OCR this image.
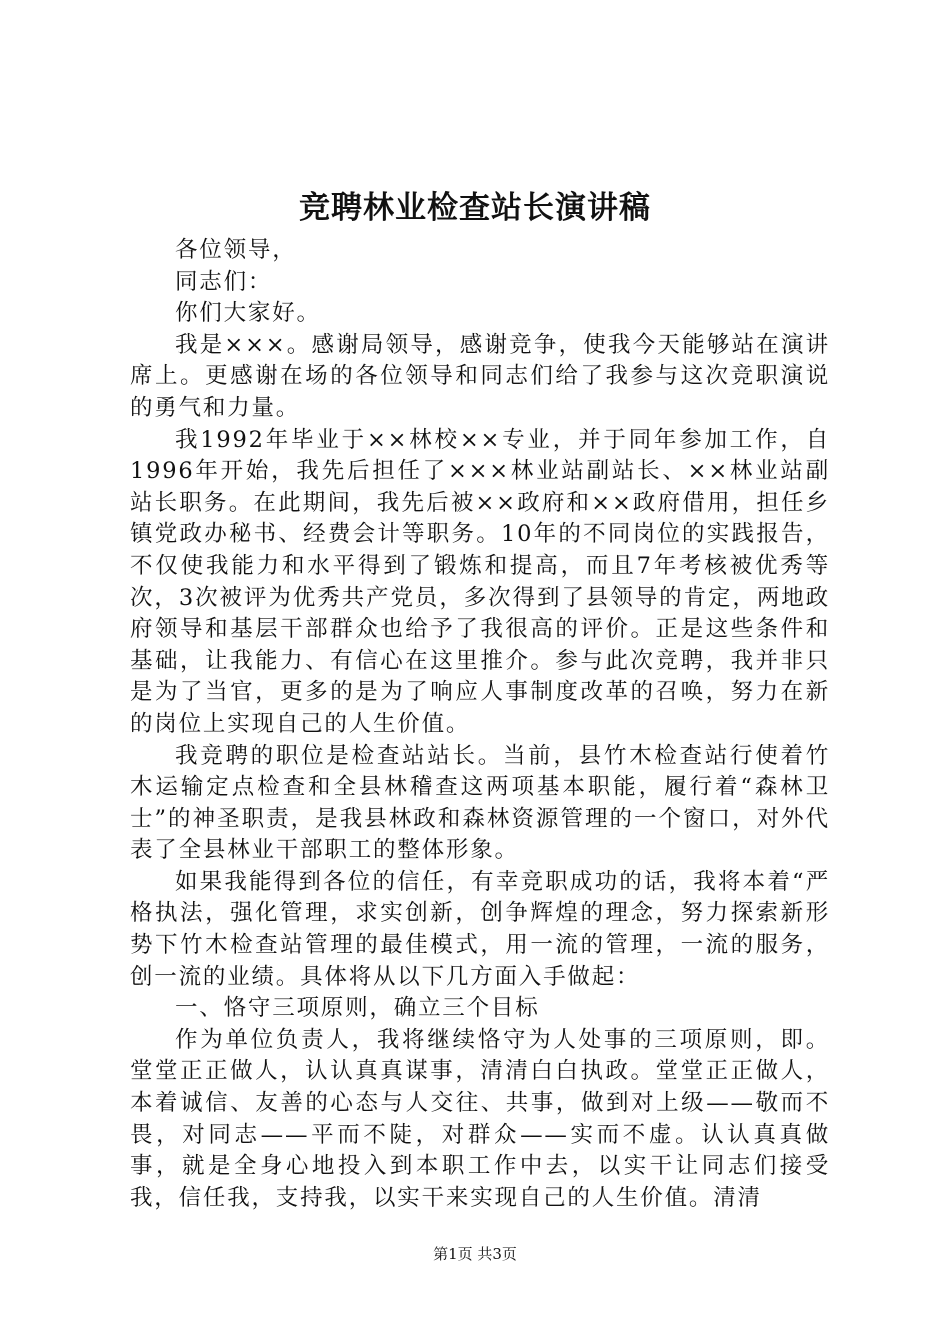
竞聘林业检查站长演讲稿

各位领导，

同志们：

你们大家好。

我是×××。感谢局领导，感谢竞争，使我今天能够站在演讲席上。更感谢在场的各位领导和同志们给了我参与这次竞职演说的勇气和力量。

我1992年毕业于××林校××专业，并于同年参加工作，自1996年开始，我先后担任了×××林业站副站长、××林业站副站长职务。在此期间，我先后被××政府和××政府借用，担任乡镇党政办秘书、经费会计等职务。10年的不同岗位的实践报告，不仅使我能力和水平得到了锻炼和提高，而且7年考核被优秀等次，3次被评为优秀共产党员，多次得到了县领导的肯定，两地政府领导和基层干部群众也给予了我很高的评价。正是这些条件和基础，让我能力、有信心在这里推介。参与此次竞聘，我并非只是为了当官，更多的是为了响应人事制度改革的召唤，努力在新的岗位上实现自己的人生价值。

我竞聘的职位是检查站站长。当前，县竹木检查站行使着竹木运输定点检查和全县林稽查这两项基本职能，履行着“森林卫士”的神圣职责，是我县林政和森林资源管理的一个窗口，对外代表了全县林业干部职工的整体形象。

如果我能得到各位的信任，有幸竞职成功的话，我将本着“严格执法，强化管理，求实创新，创争辉煌的理念，努力探索新形势下竹木检查站管理的最佳模式，用一流的管理，一流的服务，创一流的业绩。具体将从以下几方面入手做起：

一、恪守三项原则，确立三个目标

作为单位负责人，我将继续恪守为人处事的三项原则，即。堂堂正正做人，认认真真谋事，清清白白执政。堂堂正正做人，本着诚信、友善的心态与人交往、共事，做到对上级——敬而不畏，对同志——平而不陡，对群众——实而不虚。认认真真做事，就是全身心地投入到本职工作中去，以实干让同志们接受我，信任我，支持我，以实干来实现自己的人生价值。清清

第1页 共3页
